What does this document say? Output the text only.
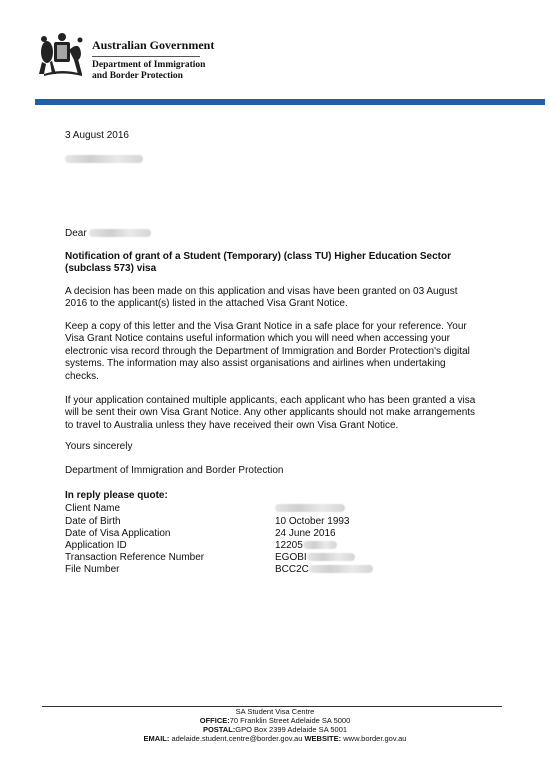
Australian Government
Department of Immigration
and Border Protection
3 August 2016
Dear
Notification of grant of a Student (Temporary) (class TU) Higher Education Sector (subclass 573) visa
A decision has been made on this application and visas have been granted on 03 August 2016 to the applicant(s) listed in the attached Visa Grant Notice.
Keep a copy of this letter and the Visa Grant Notice in a safe place for your reference. Your Visa Grant Notice contains useful information which you will need when accessing your electronic visa record through the Department of Immigration and Border Protection's digital systems. The information may also assist organisations and airlines when undertaking checks.
If your application contained multiple applicants, each applicant who has been granted a visa will be sent their own Visa Grant Notice. Any other applicants should not make arrangements to travel to Australia unless they have received their own Visa Grant Notice.
Yours sincerely
Department of Immigration and Border Protection
In reply please quote:
Client Name
Date of Birth	10 October 1993
Date of Visa Application	24 June 2016
Application ID	12205
Transaction Reference Number	EGOBI
File Number	BCC2C
SA Student Visa Centre
OFFICE:70 Franklin Street Adelaide SA 5000
POSTAL:GPO Box 2399 Adelaide SA 5001
EMAIL: adelaide.student.centre@border.gov.au WEBSITE: www.border.gov.au
